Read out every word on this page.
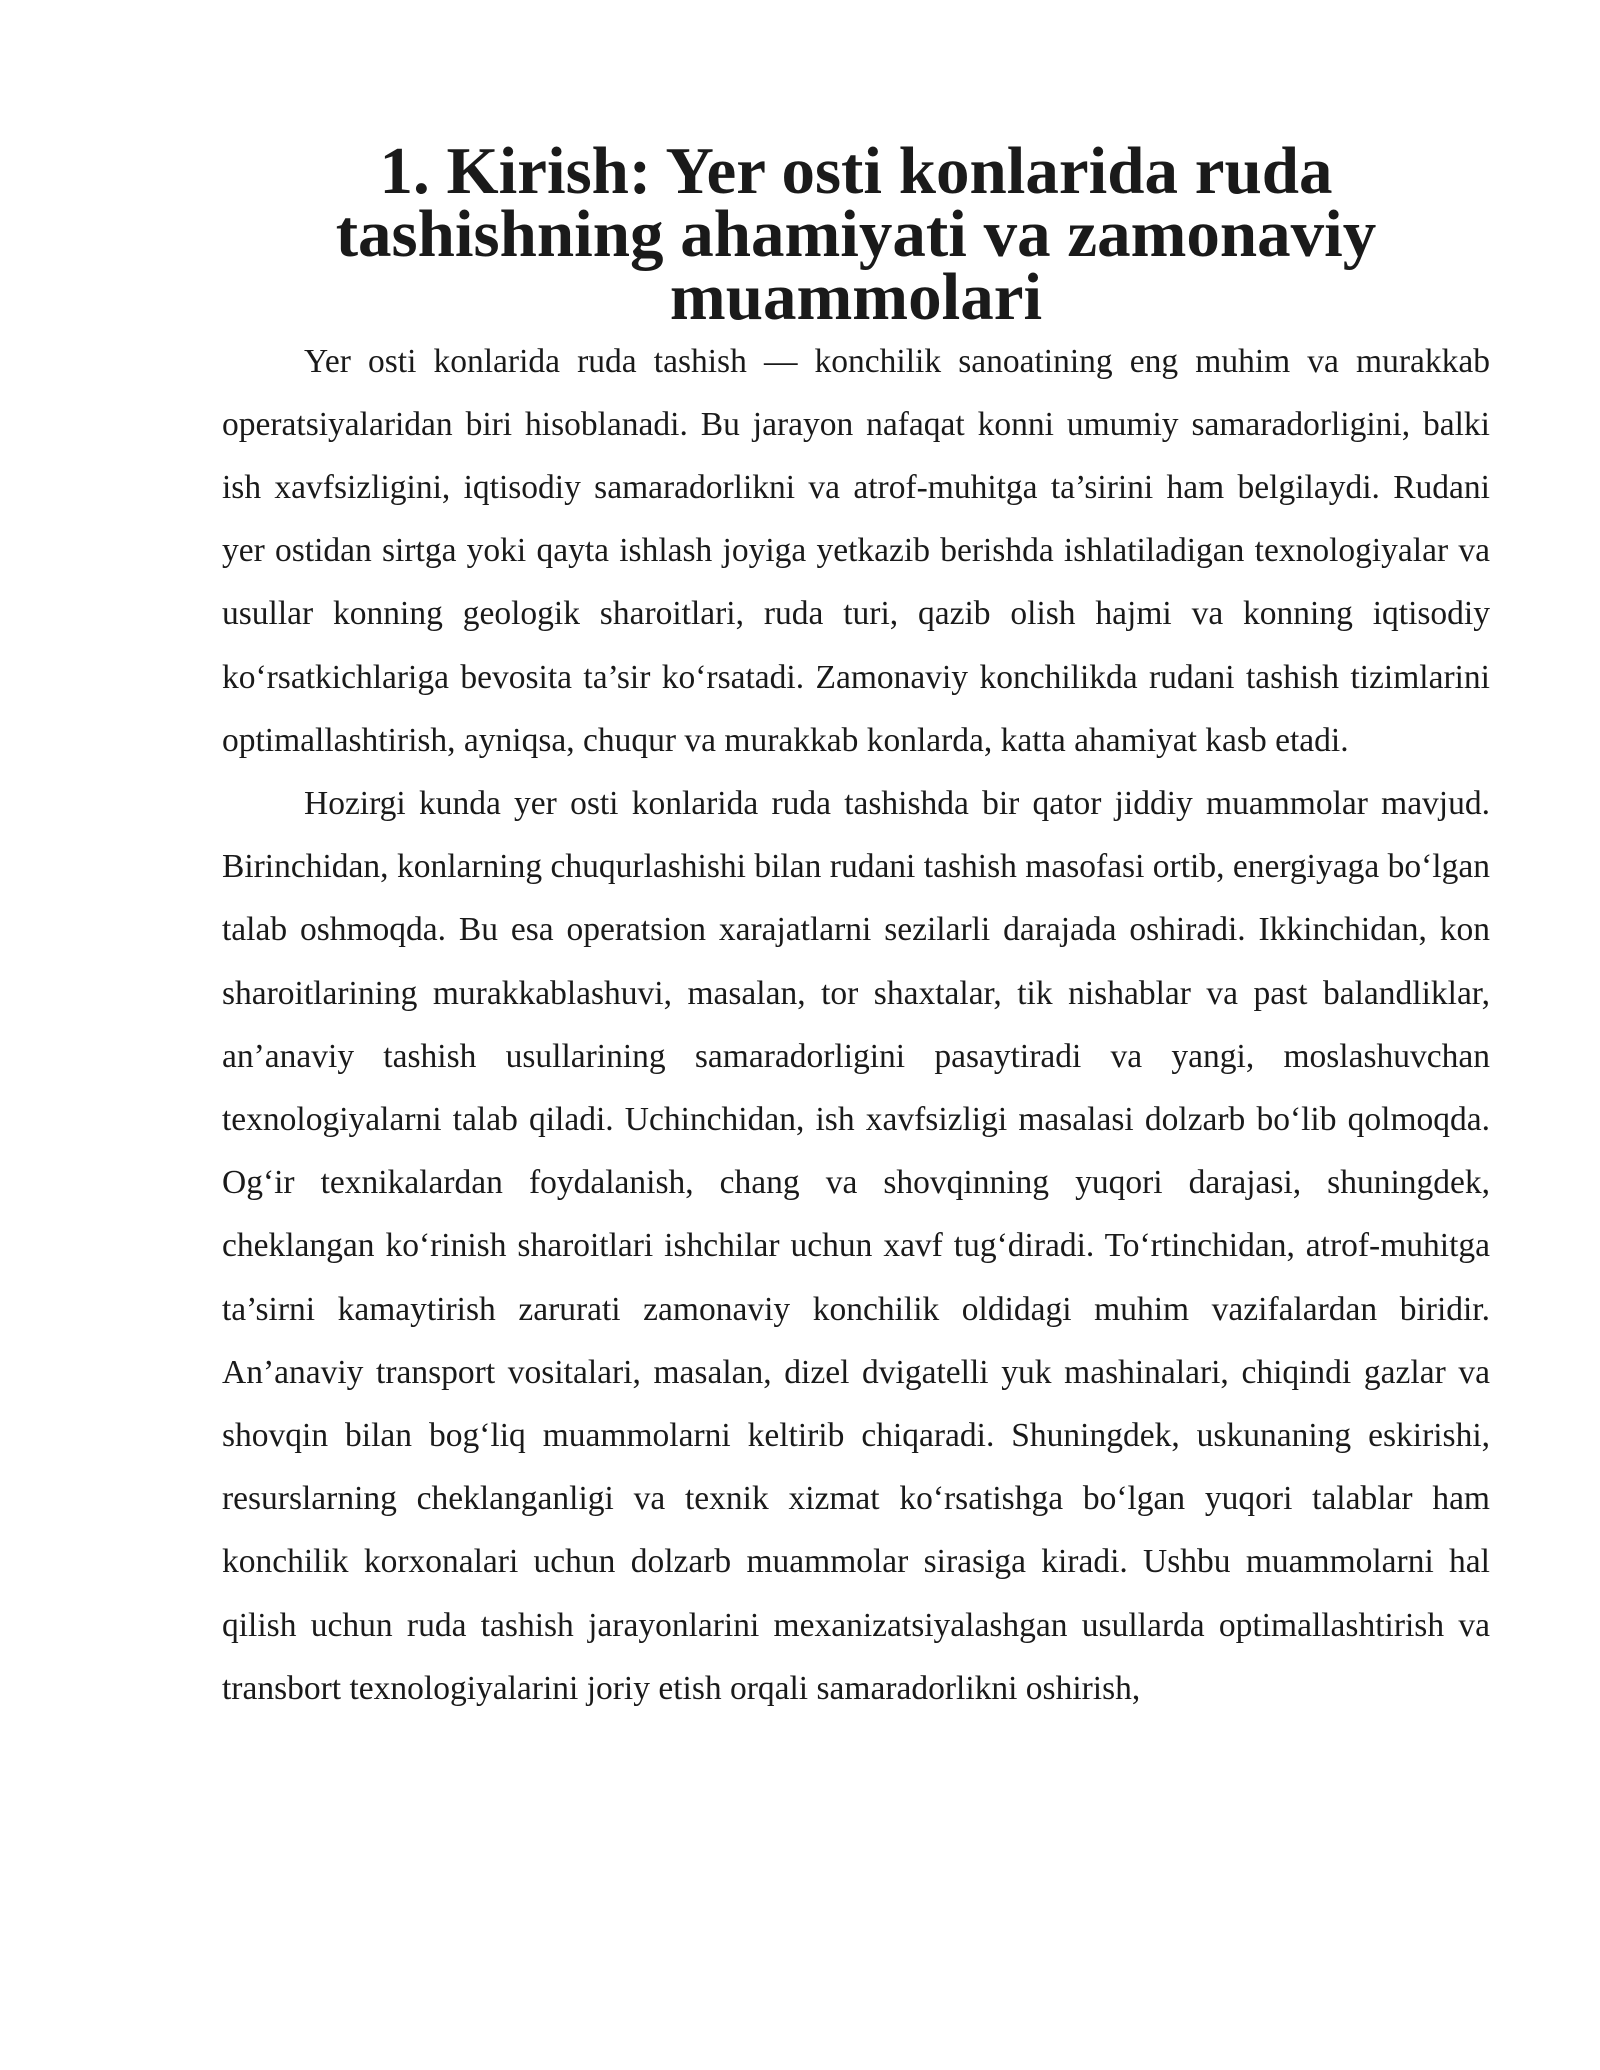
1. Kirish: Yer osti konlarida ruda tashishning ahamiyati va zamonaviy muammolari

Yer osti konlarida ruda tashish — konchilik sanoatining eng muhim va murakkab operatsiyalaridan biri hisoblanadi. Bu jarayon nafaqat konni umumiy samaradorligini, balki ish xavfsizligini, iqtisodiy samaradorlikni va atrof-muhitga ta’sirini ham belgilaydi. Rudani yer ostidan sirtga yoki qayta ishlash joyiga yetkazib berishda ishlatiladigan texnologiyalar va usullar konning geologik sharoitlari, ruda turi, qazib olish hajmi va konning iqtisodiy ko‘rsatkichlariga bevosita ta’sir ko‘rsatadi. Zamonaviy konchilikda rudani tashish tizimlarini optimallashtirish, ayniqsa, chuqur va murakkab konlarda, katta ahamiyat kasb etadi.

Hozirgi kunda yer osti konlarida ruda tashishda bir qator jiddiy muammolar mavjud. Birinchidan, konlarning chuqurlashishi bilan rudani tashish masofasi ortib, energiyaga bo‘lgan talab oshmoqda. Bu esa operatsion xarajatlarni sezilarli darajada oshiradi. Ikkinchidan, kon sharoitlarining murakkablashuvi, masalan, tor shaxtalar, tik nishablar va past balandliklar, an’anaviy tashish usullarining samaradorligini pasaytiradi va yangi, moslashuvchan texnologiyalarni talab qiladi. Uchinchidan, ish xavfsizligi masalasi dolzarb bo‘lib qolmoqda. Og‘ir texnikalardan foydalanish, chang va shovqinning yuqori darajasi, shuningdek, cheklangan ko‘rinish sharoitlari ishchilar uchun xavf tug‘diradi. To‘rtinchidan, atrof-muhitga ta’sirni kamaytirish zarurati zamonaviy konchilik oldidagi muhim vazifalardan biridir. An’anaviy transport vositalari, masalan, dizel dvigatelli yuk mashinalari, chiqindi gazlar va shovqin bilan bog‘liq muammolarni keltirib chiqaradi. Shuningdek, uskunaning eskirishi, resurslarning cheklanganligi va texnik xizmat ko‘rsatishga bo‘lgan yuqori talablar ham konchilik korxonalari uchun dolzarb muammolar sirasiga kiradi. Ushbu muammolarni hal qilish uchun ruda tashish jarayonlarini mexanizatsiyalashgan usullarda optimallashtirish va transbort texnologiyalarini joriy etish orqali samaradorlikni oshirish,
